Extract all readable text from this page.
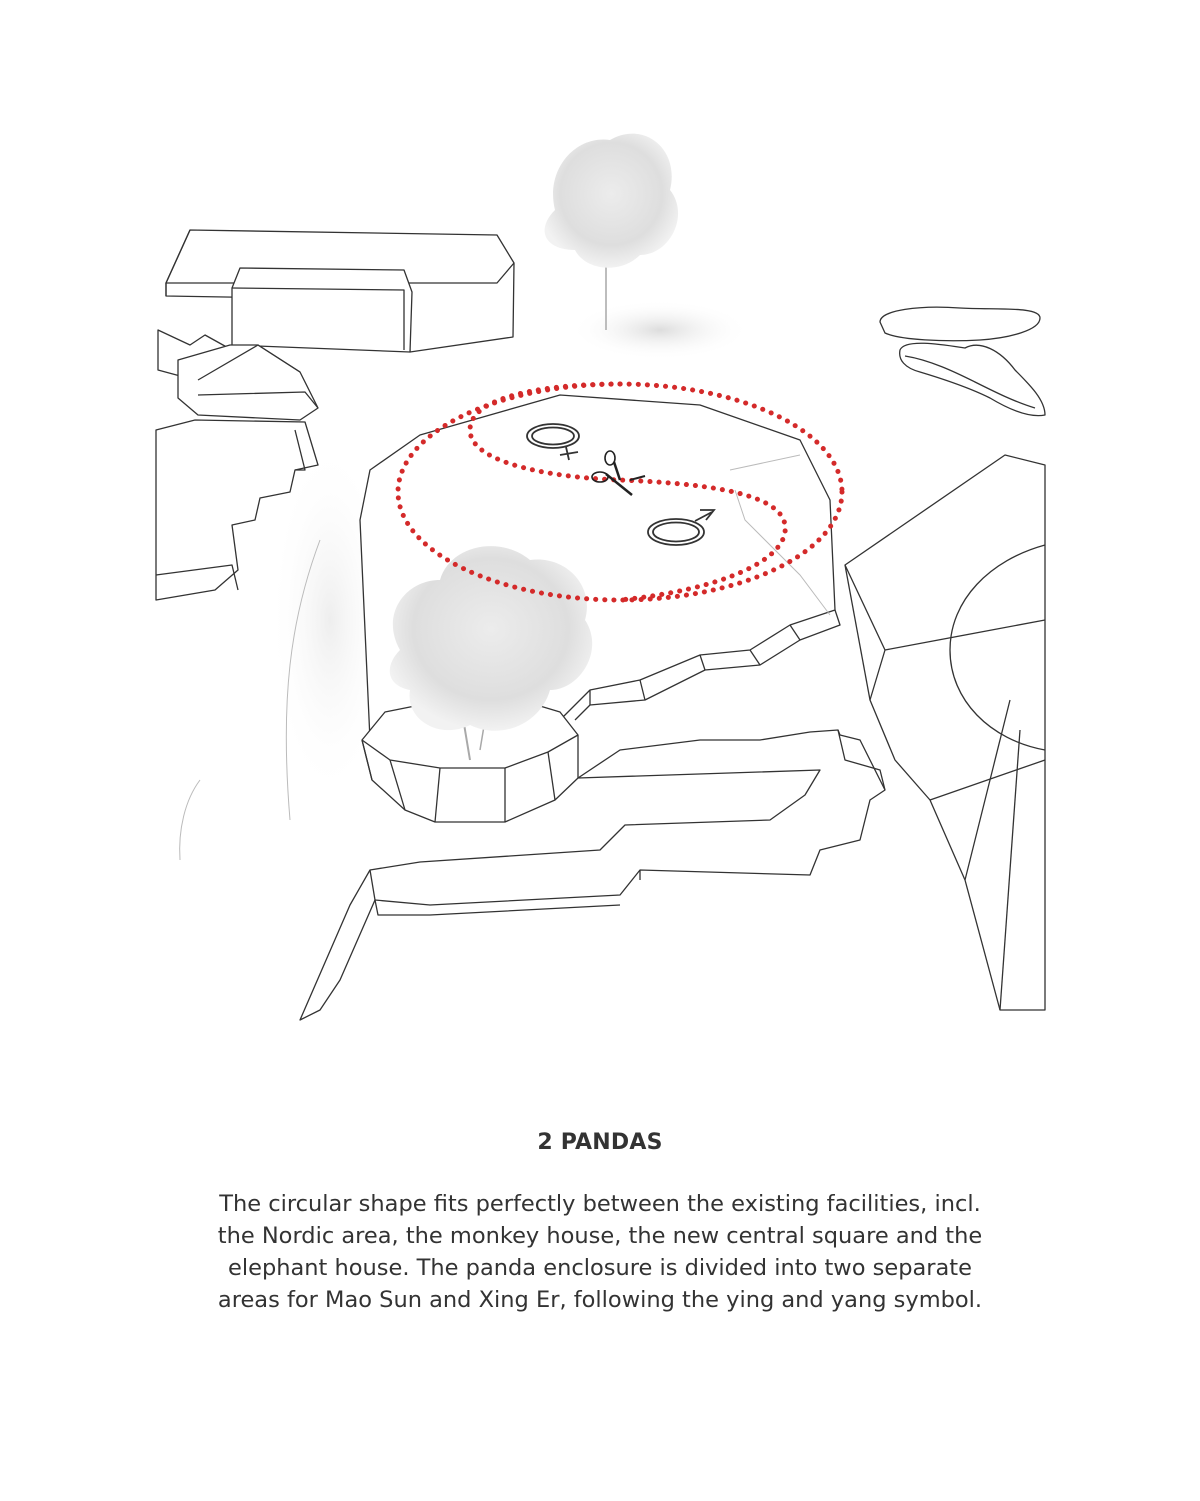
2 PANDAS

The circular shape fits perfectly between the existing facilities, incl.
the Nordic area, the monkey house, the new central square and the
elephant house. The panda enclosure is divided into two separate
areas for Mao Sun and Xing Er, following the ying and yang symbol.
